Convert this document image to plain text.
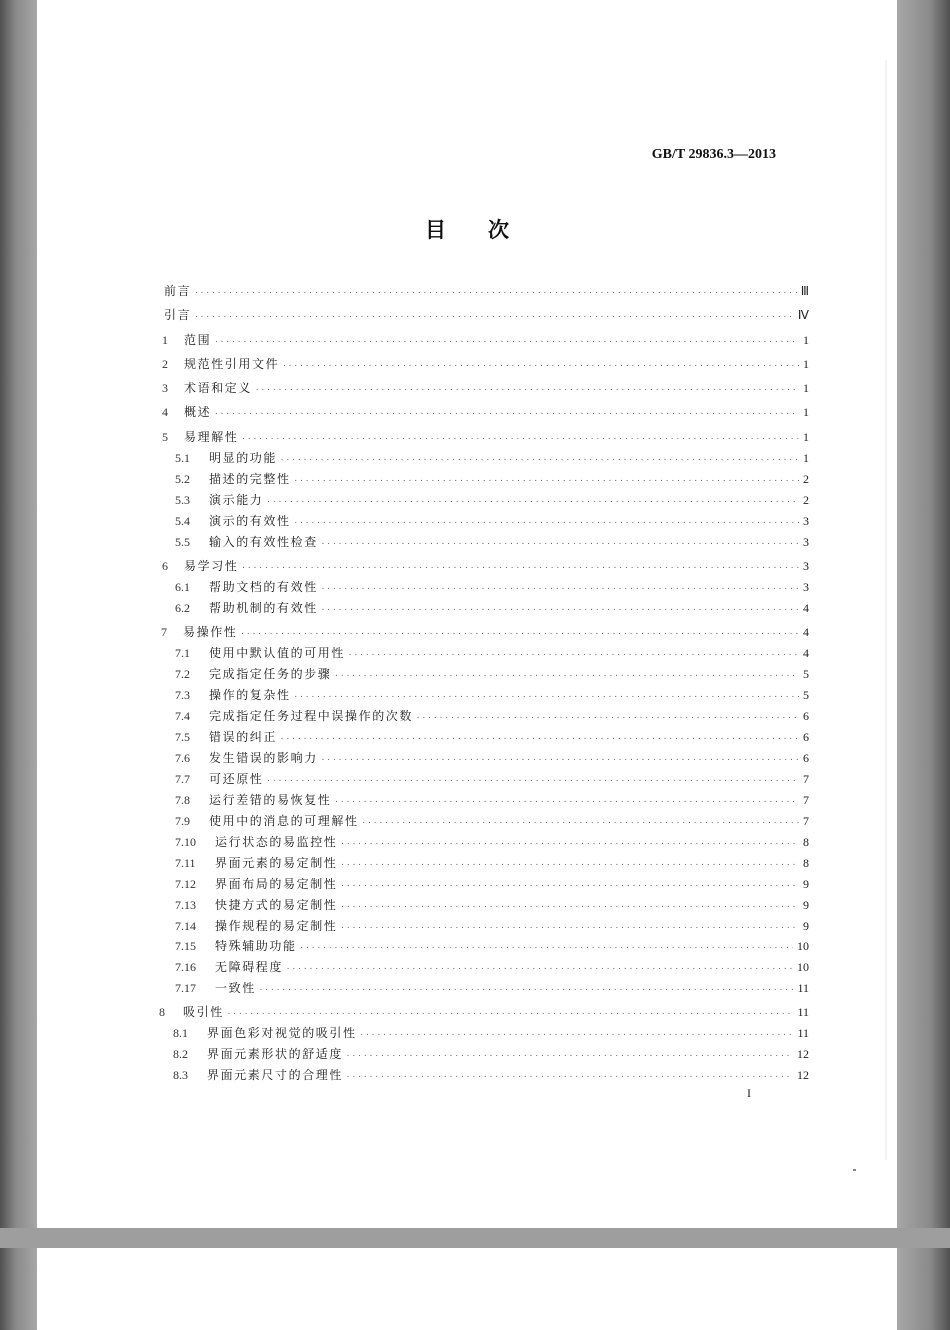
GB/T 29836.3—2013
目次
前言 ·····	Ⅲ
引言 ·····	Ⅳ
1	范围 ·····	1
2	规范性引用文件 ·····	1
3	术语和定义 ·····	1
4	概述 ·····	1
5	易理解性 ·····	1
5.1	明显的功能 ·····	1
5.2	描述的完整性 ·····	2
5.3	演示能力 ·····	2
5.4	演示的有效性 ·····	3
5.5	输入的有效性检查 ·····	3
6	易学习性 ·····	3
6.1	帮助文档的有效性 ·····	3
6.2	帮助机制的有效性 ·····	4
7	易操作性 ·····	4
7.1	使用中默认值的可用性 ·····	4
7.2	完成指定任务的步骤 ·····	5
7.3	操作的复杂性 ·····	5
7.4	完成指定任务过程中误操作的次数 ·····	6
7.5	错误的纠正 ·····	6
7.6	发生错误的影响力 ·····	6
7.7	可还原性 ·····	7
7.8	运行差错的易恢复性 ·····	7
7.9	使用中的消息的可理解性 ·····	7
7.10	运行状态的易监控性 ·····	8
7.11	界面元素的易定制性 ·····	8
7.12	界面布局的易定制性 ·····	9
7.13	快捷方式的易定制性 ·····	9
7.14	操作规程的易定制性 ·····	9
7.15	特殊辅助功能 ·····	10
7.16	无障碍程度 ·····	10
7.17	一致性 ·····	11
8	吸引性 ·····	11
8.1	界面色彩对视觉的吸引性 ·····	11
8.2	界面元素形状的舒适度 ·····	12
8.3	界面元素尺寸的合理性 ·····	12
I
